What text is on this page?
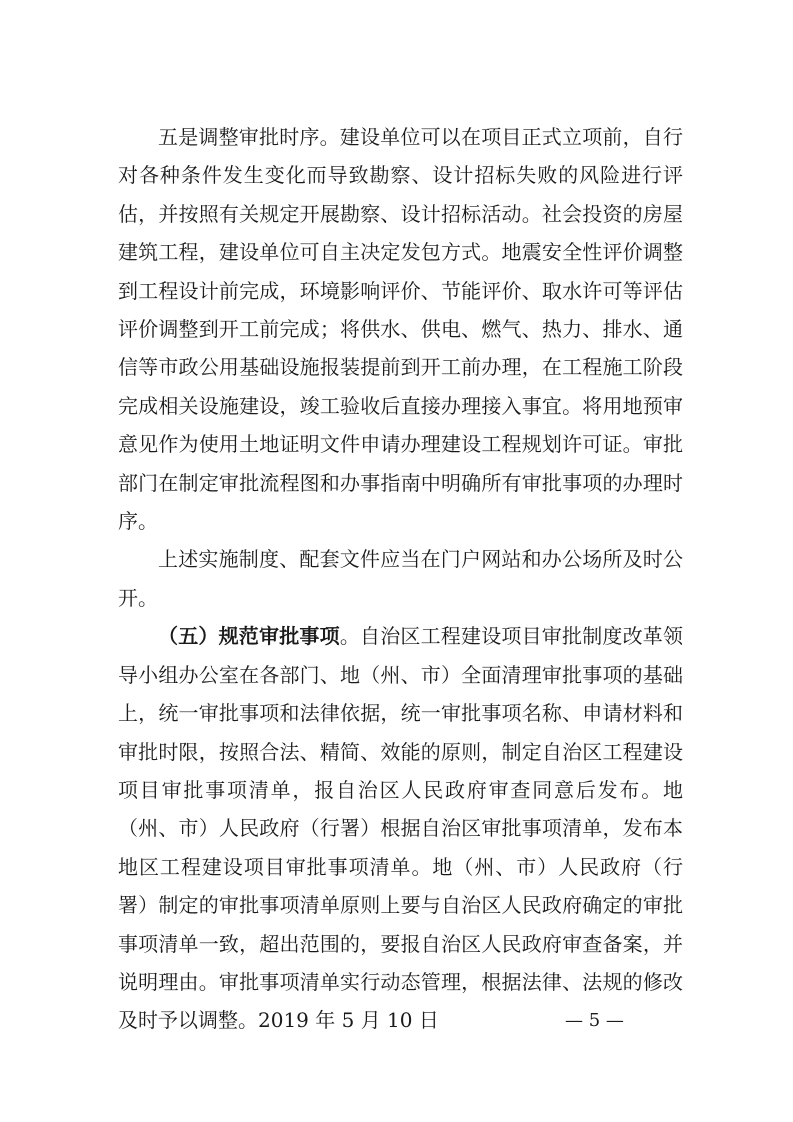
五是调整审批时序。建设单位可以在项目正式立项前，自行对各种条件发生变化而导致勘察、设计招标失败的风险进行评估，并按照有关规定开展勘察、设计招标活动。社会投资的房屋建筑工程，建设单位可自主决定发包方式。地震安全性评价调整到工程设计前完成，环境影响评价、节能评价、取水许可等评估评价调整到开工前完成；将供水、供电、燃气、热力、排水、通信等市政公用基础设施报装提前到开工前办理，在工程施工阶段完成相关设施建设，竣工验收后直接办理接入事宜。将用地预审意见作为使用土地证明文件申请办理建设工程规划许可证。审批部门在制定审批流程图和办事指南中明确所有审批事项的办理时序。

上述实施制度、配套文件应当在门户网站和办公场所及时公开。

（五）规范审批事项。自治区工程建设项目审批制度改革领导小组办公室在各部门、地（州、市）全面清理审批事项的基础上，统一审批事项和法律依据，统一审批事项名称、申请材料和审批时限，按照合法、精简、效能的原则，制定自治区工程建设项目审批事项清单，报自治区人民政府审查同意后发布。地（州、市）人民政府（行署）根据自治区审批事项清单，发布本地区工程建设项目审批事项清单。地（州、市）人民政府（行署）制定的审批事项清单原则上要与自治区人民政府确定的审批事项清单一致，超出范围的，要报自治区人民政府审查备案，并说明理由。审批事项清单实行动态管理，根据法律、法规的修改及时予以调整。2019 年 5 月 10 日	— 5 —
